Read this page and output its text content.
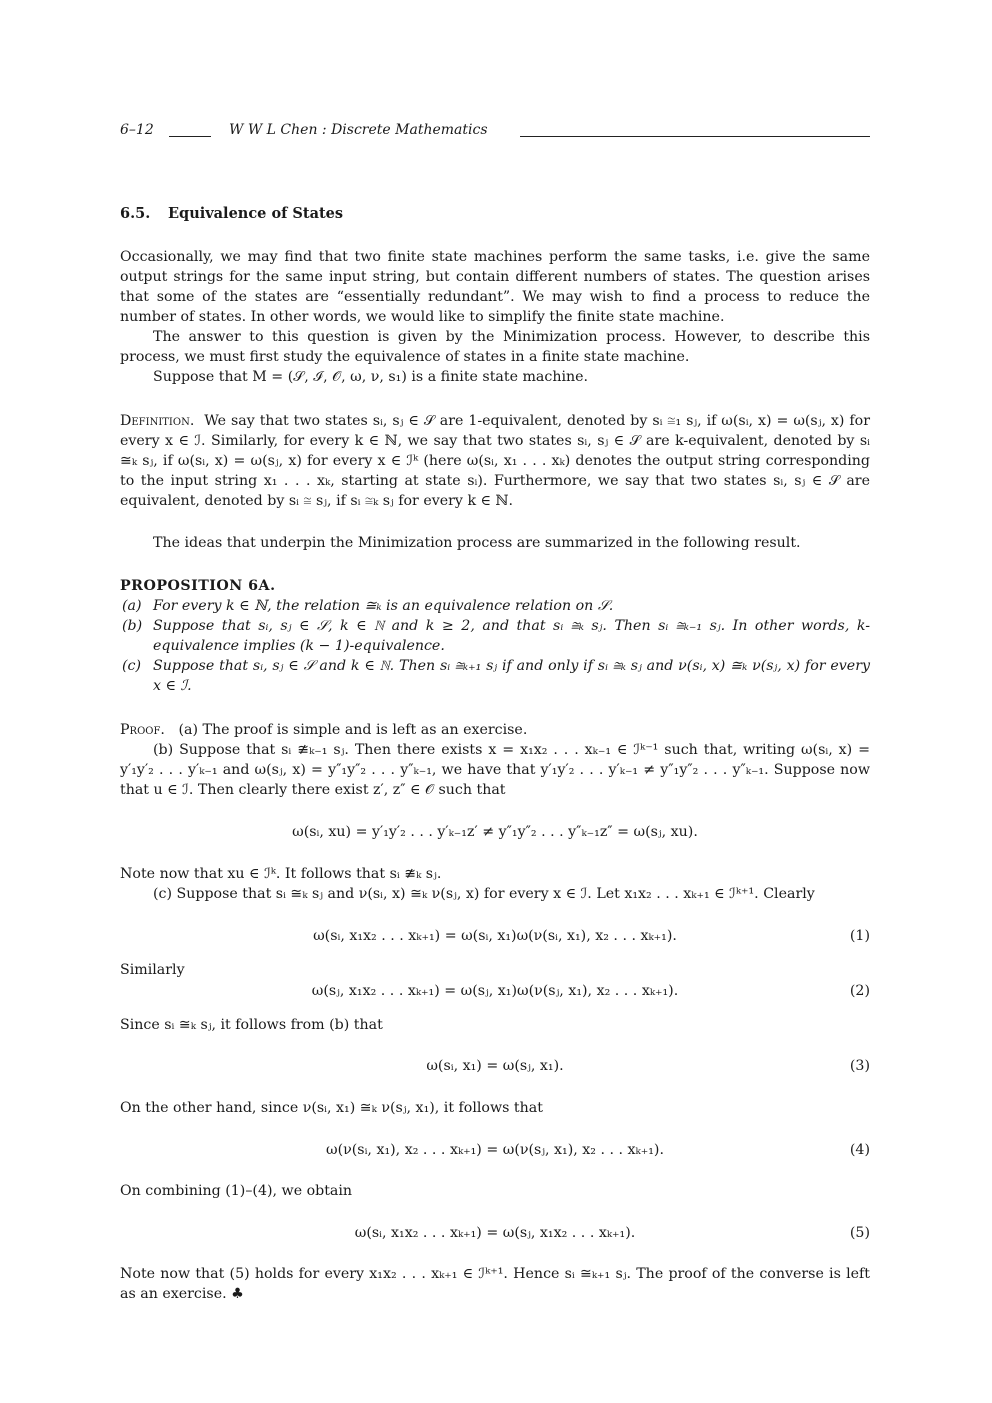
6–12	W W L Chen : Discrete Mathematics
6.5. Equivalence of States

Occasionally, we may find that two finite state machines perform the same tasks, i.e. give the same output strings for the same input string, but contain different numbers of states. The question arises that some of the states are “essentially redundant”. We may wish to find a process to reduce the number of states. In other words, we would like to simplify the finite state machine.

The answer to this question is given by the Minimization process. However, to describe this process, we must first study the equivalence of states in a finite state machine.

Suppose that M = (𝒮, ℐ, 𝒪, ω, ν, s₁) is a finite state machine.

Definition. We say that two states sᵢ, sⱼ ∈ 𝒮 are 1-equivalent, denoted by sᵢ ≅₁ sⱼ, if ω(sᵢ, x) = ω(sⱼ, x) for every x ∈ ℐ. Similarly, for every k ∈ ℕ, we say that two states sᵢ, sⱼ ∈ 𝒮 are k-equivalent, denoted by sᵢ ≅ₖ sⱼ, if ω(sᵢ, x) = ω(sⱼ, x) for every x ∈ ℐᵏ (here ω(sᵢ, x₁ . . . xₖ) denotes the output string corresponding to the input string x₁ . . . xₖ, starting at state sᵢ). Furthermore, we say that two states sᵢ, sⱼ ∈ 𝒮 are equivalent, denoted by sᵢ ≅ sⱼ, if sᵢ ≅ₖ sⱼ for every k ∈ ℕ.

The ideas that underpin the Minimization process are summarized in the following result.

PROPOSITION 6A.

(a) For every k ∈ ℕ, the relation ≅ₖ is an equivalence relation on 𝒮.
(b) Suppose that sᵢ, sⱼ ∈ 𝒮, k ∈ ℕ and k ≥ 2, and that sᵢ ≅ₖ sⱼ. Then sᵢ ≅ₖ₋₁ sⱼ. In other words, k-equivalence implies (k − 1)-equivalence.
(c) Suppose that sᵢ, sⱼ ∈ 𝒮 and k ∈ ℕ. Then sᵢ ≅ₖ₊₁ sⱼ if and only if sᵢ ≅ₖ sⱼ and ν(sᵢ, x) ≅ₖ ν(sⱼ, x) for every x ∈ ℐ.

Proof. (a) The proof is simple and is left as an exercise.

(b) Suppose that sᵢ ≇ₖ₋₁ sⱼ. Then there exists x = x₁x₂ . . . xₖ₋₁ ∈ ℐᵏ⁻¹ such that, writing ω(sᵢ, x) = y′₁y′₂ . . . y′ₖ₋₁ and ω(sⱼ, x) = y″₁y″₂ . . . y″ₖ₋₁, we have that y′₁y′₂ . . . y′ₖ₋₁ ≠ y″₁y″₂ . . . y″ₖ₋₁. Suppose now that u ∈ ℐ. Then clearly there exist z′, z″ ∈ 𝒪 such that

ω(sᵢ, xu) = y′₁y′₂ . . . y′ₖ₋₁z′ ≠ y″₁y″₂ . . . y″ₖ₋₁z″ = ω(sⱼ, xu).

Note now that xu ∈ ℐᵏ. It follows that sᵢ ≇ₖ sⱼ.

(c) Suppose that sᵢ ≅ₖ sⱼ and ν(sᵢ, x) ≅ₖ ν(sⱼ, x) for every x ∈ ℐ. Let x₁x₂ . . . xₖ₊₁ ∈ ℐᵏ⁺¹. Clearly

ω(sᵢ, x₁x₂ . . . xₖ₊₁) = ω(sᵢ, x₁)ω(ν(sᵢ, x₁), x₂ . . . xₖ₊₁).	(1)

Similarly

ω(sⱼ, x₁x₂ . . . xₖ₊₁) = ω(sⱼ, x₁)ω(ν(sⱼ, x₁), x₂ . . . xₖ₊₁).	(2)

Since sᵢ ≅ₖ sⱼ, it follows from (b) that

ω(sᵢ, x₁) = ω(sⱼ, x₁).	(3)

On the other hand, since ν(sᵢ, x₁) ≅ₖ ν(sⱼ, x₁), it follows that

ω(ν(sᵢ, x₁), x₂ . . . xₖ₊₁) = ω(ν(sⱼ, x₁), x₂ . . . xₖ₊₁).	(4)

On combining (1)–(4), we obtain

ω(sᵢ, x₁x₂ . . . xₖ₊₁) = ω(sⱼ, x₁x₂ . . . xₖ₊₁).	(5)

Note now that (5) holds for every x₁x₂ . . . xₖ₊₁ ∈ ℐᵏ⁺¹. Hence sᵢ ≅ₖ₊₁ sⱼ. The proof of the converse is left as an exercise. ♣
